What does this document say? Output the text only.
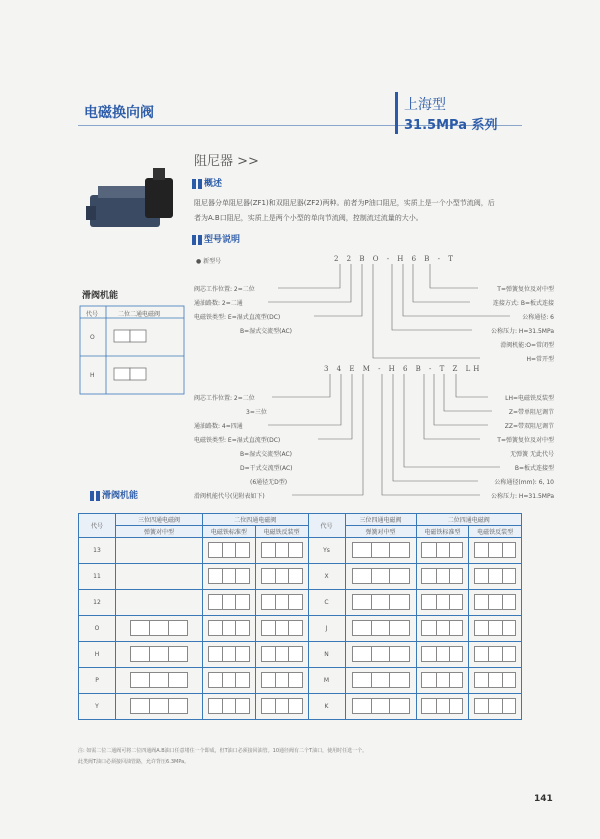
电磁换向阀	上海型
31.5MPa 系列
阻尼器 >>
概述
阻尼器分单阻尼器(ZF1)和双阻尼器(ZF2)两种。前者为P油口阻尼，实质上是一个小型节流阀，后
者为A.B口阻尼，实质上是两个小型的单向节流阀，控制流过流量的大小。
型号说明
● 新型号	2 2 B O - H 6 B - T
阀芯工作位置: 2=二位
通油路数: 2=二通
电磁铁类型: E=湿式直流型(DC)
B=湿式交流型(AC)
T=弹簧复位及对中型
连接方式: B=板式连接
公称通径: 6
公称压力: H=31.5MPa
滑阀机能:O=常闭型
H=常开型
3 4 E M - H 6 B - T Z LH
阀芯工作位置: 2=二位
3=三位
通油路数: 4=四通
电磁铁类型: E=湿式直流型(DC)
B=湿式交流型(AC)
D=干式交流型(AC)
(6通径无D型)
滑阀机能代号(见附表如下)
LH=电磁铁反装型
Z=带单阻尼调节
ZZ=带双阻尼调节
T=弹簧复位及对中型
无弹簧 无此代号
B=板式连接型
公称通径(mm): 6, 10
公称压力: H=31.5MPa
滑阀机能
代号	二位二通电磁阀
O
H
滑阀机能
代号	三位四通电磁阀	二位四通电磁阀		代号	三位四通电磁阀	二位四通电磁阀	
	弹簧对中型	电磁铁标准型	电磁铁反装型		弹簧对中型	电磁铁标准型	电磁铁反装型
13				Ys			
11				X			
12				C			
O				J			
H				N			
P				M			
Y				K			
注: 如需二位二通阀可将二位四通阀A.B油口任意堵住一个即成，但T油口必须接回油管。10通径阀有二个T油口，使用时任选一个。
此类阀T油口必须接回油管路，允许背压6.3MPa。
141
